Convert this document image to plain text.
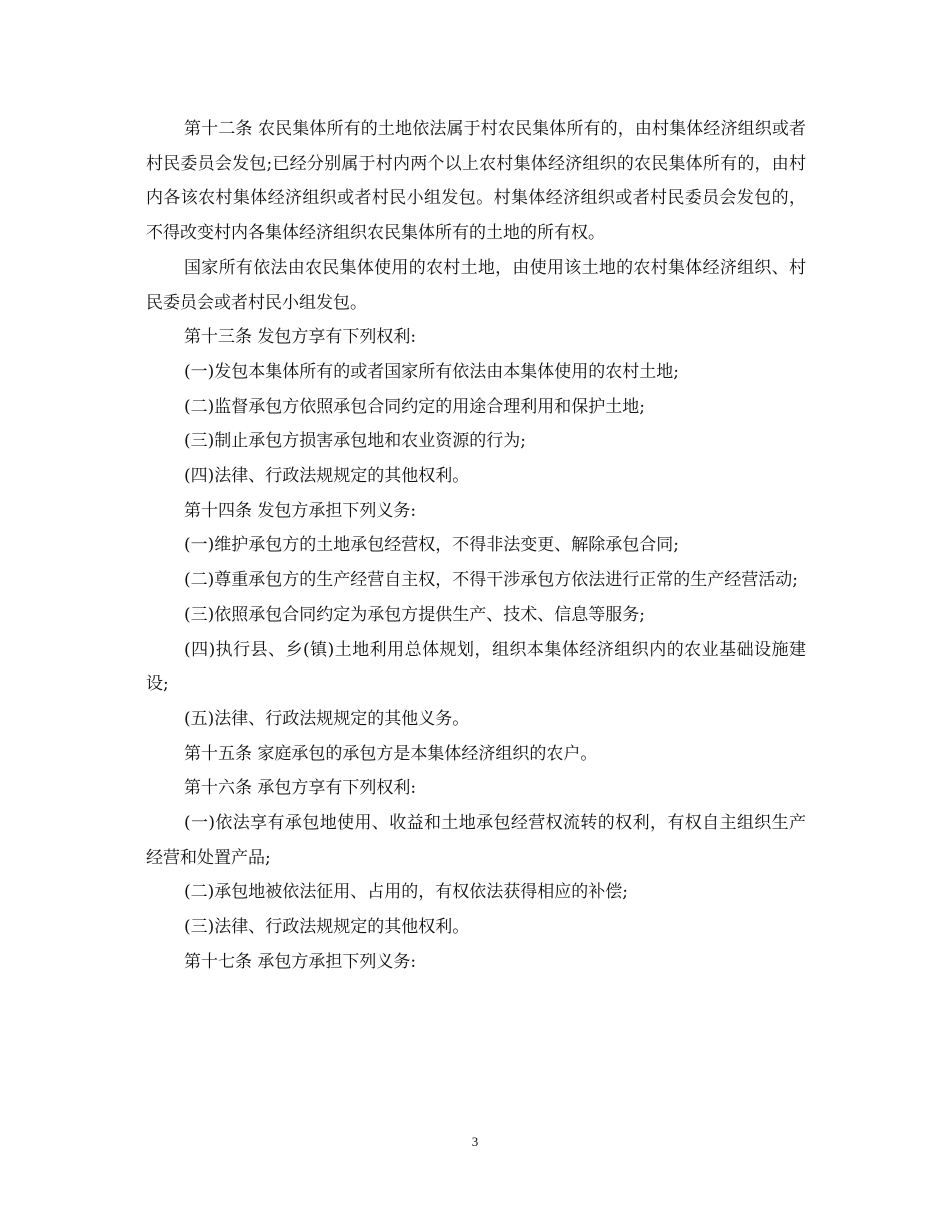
第十二条 农民集体所有的土地依法属于村农民集体所有的，由村集体经济组织或者村民委员会发包;已经分别属于村内两个以上农村集体经济组织的农民集体所有的，由村内各该农村集体经济组织或者村民小组发包。村集体经济组织或者村民委员会发包的，不得改变村内各集体经济组织农民集体所有的土地的所有权。

国家所有依法由农民集体使用的农村土地，由使用该土地的农村集体经济组织、村民委员会或者村民小组发包。

第十三条 发包方享有下列权利:

(一)发包本集体所有的或者国家所有依法由本集体使用的农村土地;

(二)监督承包方依照承包合同约定的用途合理利用和保护土地;

(三)制止承包方损害承包地和农业资源的行为;

(四)法律、行政法规规定的其他权利。

第十四条 发包方承担下列义务:

(一)维护承包方的土地承包经营权，不得非法变更、解除承包合同;

(二)尊重承包方的生产经营自主权，不得干涉承包方依法进行正常的生产经营活动;

(三)依照承包合同约定为承包方提供生产、技术、信息等服务;

(四)执行县、乡(镇)土地利用总体规划，组织本集体经济组织内的农业基础设施建设;

(五)法律、行政法规规定的其他义务。

第十五条 家庭承包的承包方是本集体经济组织的农户。

第十六条 承包方享有下列权利:

(一)依法享有承包地使用、收益和土地承包经营权流转的权利，有权自主组织生产经营和处置产品;

(二)承包地被依法征用、占用的，有权依法获得相应的补偿;

(三)法律、行政法规规定的其他权利。

第十七条 承包方承担下列义务:

3
